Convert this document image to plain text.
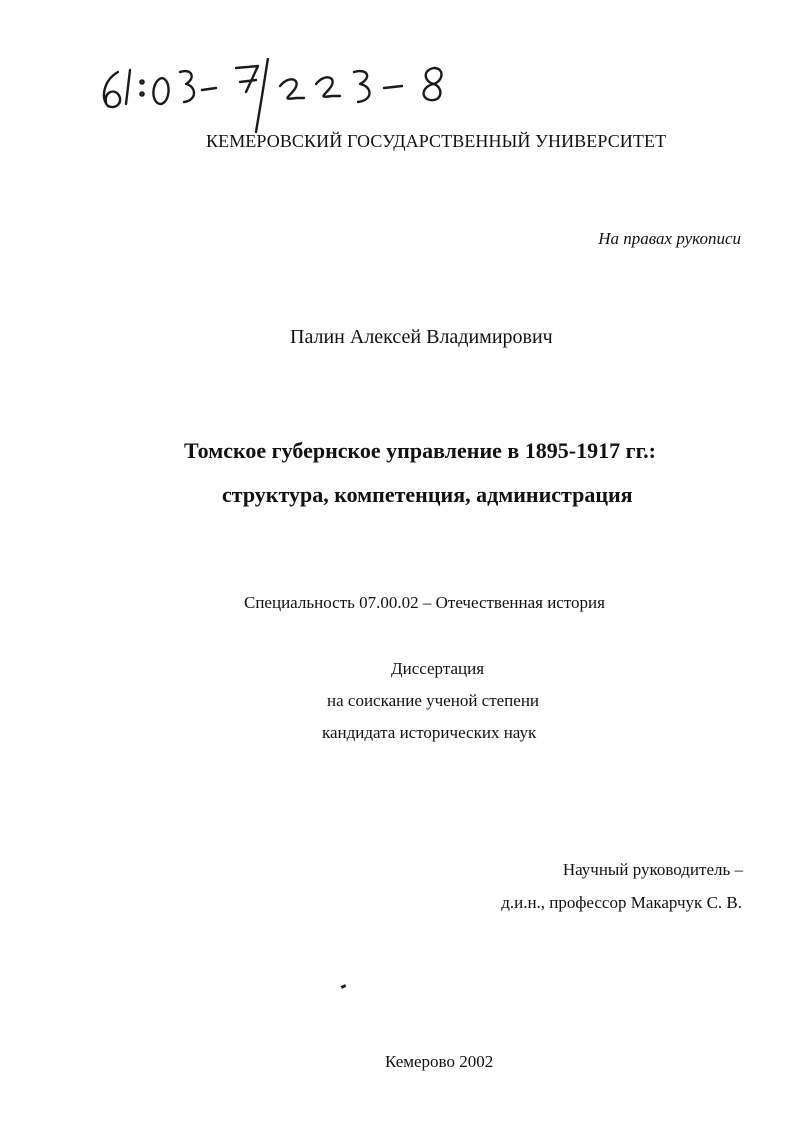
КЕМЕРОВСКИЙ ГОСУДАРСТВЕННЫЙ УНИВЕРСИТЕТ
На правах рукописи
Палин Алексей Владимирович
Томское губернское управление в 1895-1917 гг.:
структура, компетенция, администрация
Специальность 07.00.02 – Отечественная история
Диссертация
на соискание ученой степени
кандидата исторических наук
Научный руководитель –
д.и.н., профессор Макарчук С. В.
Кемерово 2002
